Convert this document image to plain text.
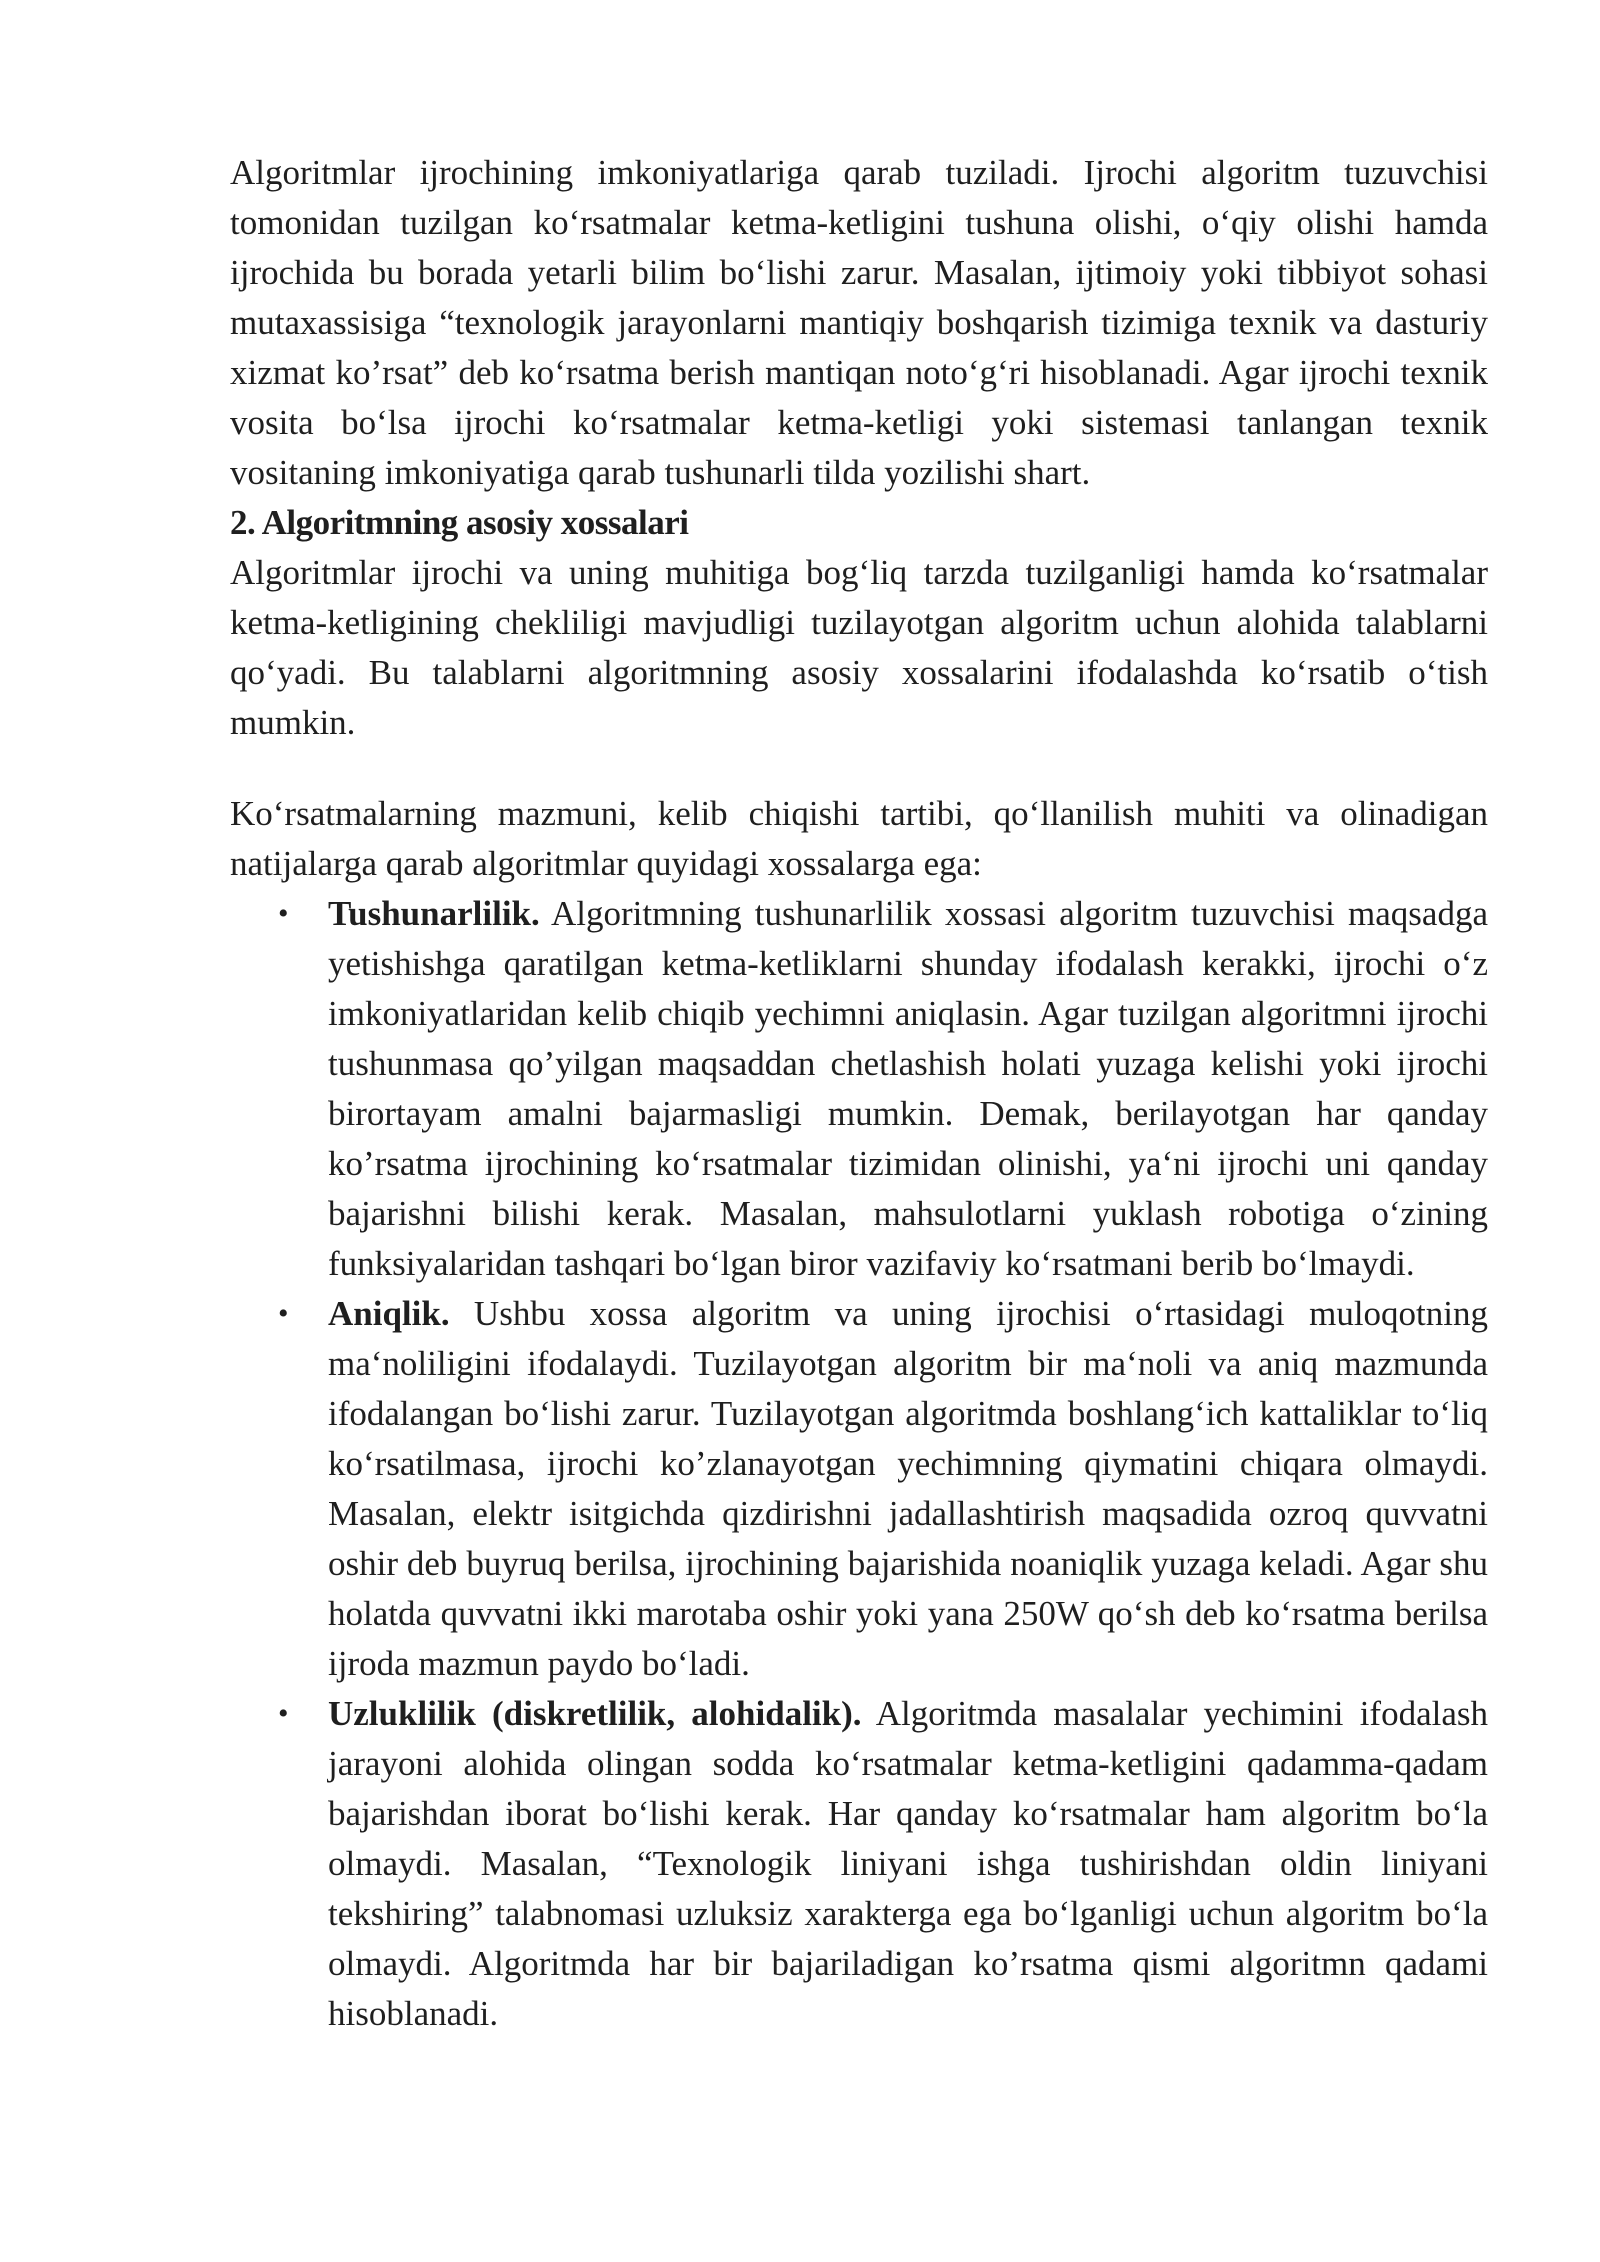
Algoritmlar ijrochining imkoniyatlariga qarab tuziladi. Ijrochi algoritm tuzuvchisi tomonidan tuzilgan ko‘rsatmalar ketma-ketligini tushuna olishi, o‘qiy olishi hamda ijrochida bu borada yetarli bilim bo‘lishi zarur. Masalan, ijtimoiy yoki tibbiyot sohasi mutaxassisiga “texnologik jarayonlarni mantiqiy boshqarish tizimiga texnik va dasturiy xizmat ko’rsat” deb ko‘rsatma berish mantiqan noto‘g‘ri hisoblanadi. Agar ijrochi texnik vosita bo‘lsa ijrochi ko‘rsatmalar ketma-ketligi yoki sistemasi tanlangan texnik vositaning imkoniyatiga qarab tushunarli tilda yozilishi shart.

2. Algoritmning asosiy xossalari

Algoritmlar ijrochi va uning muhitiga bog‘liq tarzda tuzilganligi hamda ko‘rsatmalar ketma-ketligining chekliligi mavjudligi tuzilayotgan algoritm uchun alohida talablarni qo‘yadi. Bu talablarni algoritmning asosiy xossalarini ifodalashda ko‘rsatib o‘tish mumkin.

Ko‘rsatmalarning mazmuni, kelib chiqishi tartibi, qo‘llanilish muhiti va olinadigan natijalarga qarab algoritmlar quyidagi xossalarga ega:

• Tushunarlilik. Algoritmning tushunarlilik xossasi algoritm tuzuvchisi maqsadga yetishishga qaratilgan ketma-ketliklarni shunday ifodalash kerakki, ijrochi o‘z imkoniyatlaridan kelib chiqib yechimni aniqlasin. Agar tuzilgan algoritmni ijrochi tushunmasa qo’yilgan maqsaddan chetlashish holati yuzaga kelishi yoki ijrochi birortayam amalni bajarmasligi mumkin. Demak, berilayotgan har qanday ko’rsatma ijrochining ko‘rsatmalar tizimidan olinishi, ya‘ni ijrochi uni qanday bajarishni bilishi kerak. Masalan, mahsulotlarni yuklash robotiga o‘zining funksiyalaridan tashqari bo‘lgan biror vazifaviy ko‘rsatmani berib bo‘lmaydi.
• Aniqlik. Ushbu xossa algoritm va uning ijrochisi o‘rtasidagi muloqotning ma‘noliligini ifodalaydi. Tuzilayotgan algoritm bir ma‘noli va aniq mazmunda ifodalangan bo‘lishi zarur. Tuzilayotgan algoritmda boshlang‘ich kattaliklar to‘liq ko‘rsatilmasa, ijrochi ko’zlanayotgan yechimning qiymatini chiqara olmaydi. Masalan, elektr isitgichda qizdirishni jadallashtirish maqsadida ozroq quvvatni oshir deb buyruq berilsa, ijrochining bajarishida noaniqlik yuzaga keladi. Agar shu holatda quvvatni ikki marotaba oshir yoki yana 250W qo‘sh deb ko‘rsatma berilsa ijroda mazmun paydo bo‘ladi.
• Uzluklilik (diskretlilik, alohidalik). Algoritmda masalalar yechimini ifodalash jarayoni alohida olingan sodda ko‘rsatmalar ketma-ketligini qadamma-qadam bajarishdan iborat bo‘lishi kerak. Har qanday ko‘rsatmalar ham algoritm bo‘la olmaydi. Masalan, “Texnologik liniyani ishga tushirishdan oldin liniyani tekshiring” talabnomasi uzluksiz xarakterga ega bo‘lganligi uchun algoritm bo‘la olmaydi. Algoritmda har bir bajariladigan ko’rsatma qismi algoritmn qadami hisoblanadi.
